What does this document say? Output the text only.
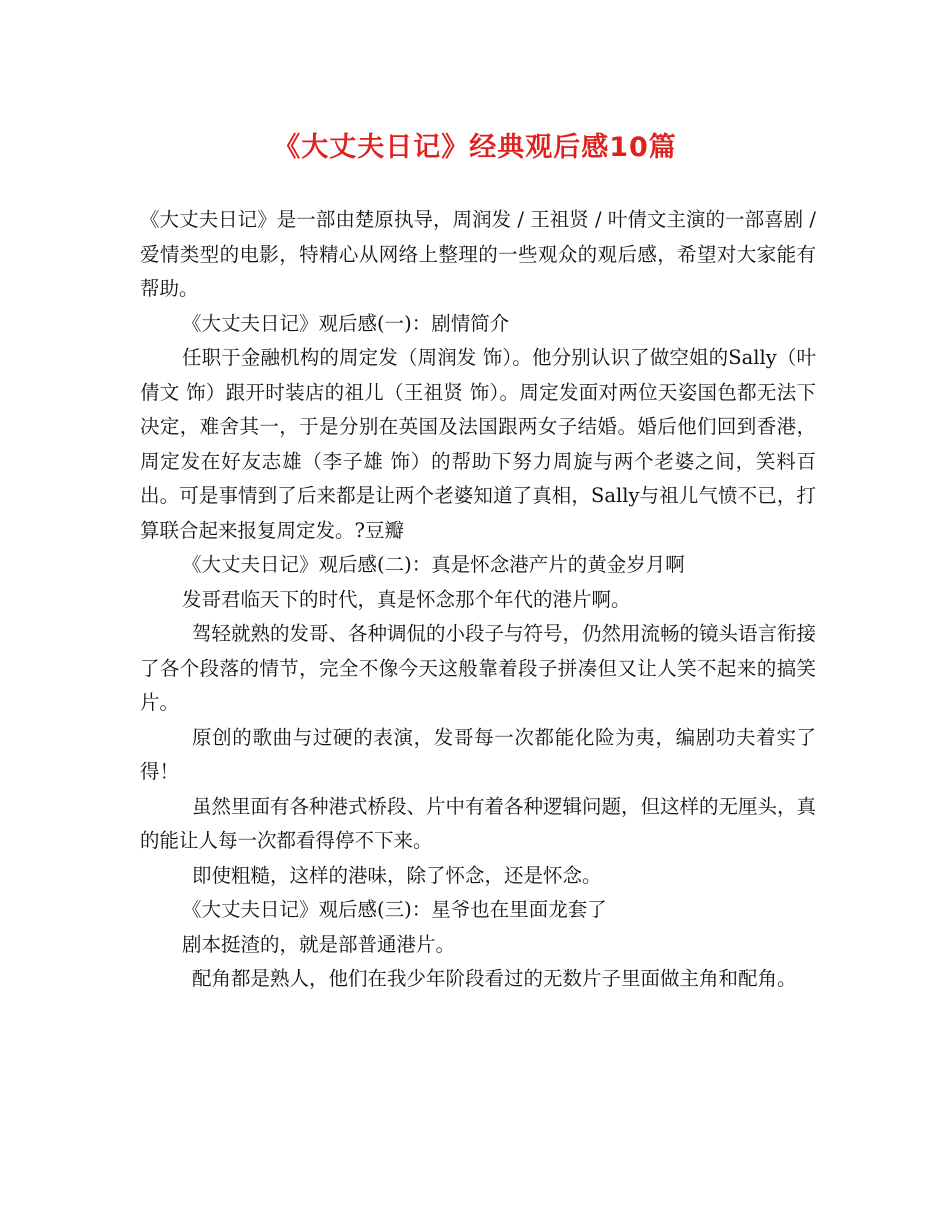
《大丈夫日记》经典观后感10篇

《大丈夫日记》是一部由楚原执导，周润发 / 王祖贤 / 叶倩文主演的一部喜剧 / 爱情类型的电影，特精心从网络上整理的一些观众的观后感，希望对大家能有帮助。

《大丈夫日记》观后感(一)：剧情简介

任职于金融机构的周定发（周润发 饰）。他分别认识了做空姐的Sally（叶倩文 饰）跟开时装店的祖儿（王祖贤 饰）。周定发面对两位天姿国色都无法下决定，难舍其一，于是分别在英国及法国跟两女子结婚。婚后他们回到香港，周定发在好友志雄（李子雄 饰）的帮助下努力周旋与两个老婆之间，笑料百出。可是事情到了后来都是让两个老婆知道了真相，Sally与祖儿气愤不已，打算联合起来报复周定发。?豆瓣

《大丈夫日记》观后感(二)：真是怀念港产片的黄金岁月啊

发哥君临天下的时代，真是怀念那个年代的港片啊。

驾轻就熟的发哥、各种调侃的小段子与符号，仍然用流畅的镜头语言衔接了各个段落的情节，完全不像今天这般靠着段子拼凑但又让人笑不起来的搞笑片。

原创的歌曲与过硬的表演，发哥每一次都能化险为夷，编剧功夫着实了得！

虽然里面有各种港式桥段、片中有着各种逻辑问题，但这样的无厘头，真的能让人每一次都看得停不下来。

即使粗糙，这样的港味，除了怀念，还是怀念。

《大丈夫日记》观后感(三)：星爷也在里面龙套了

剧本挺渣的，就是部普通港片。

配角都是熟人，他们在我少年阶段看过的无数片子里面做主角和配角。
